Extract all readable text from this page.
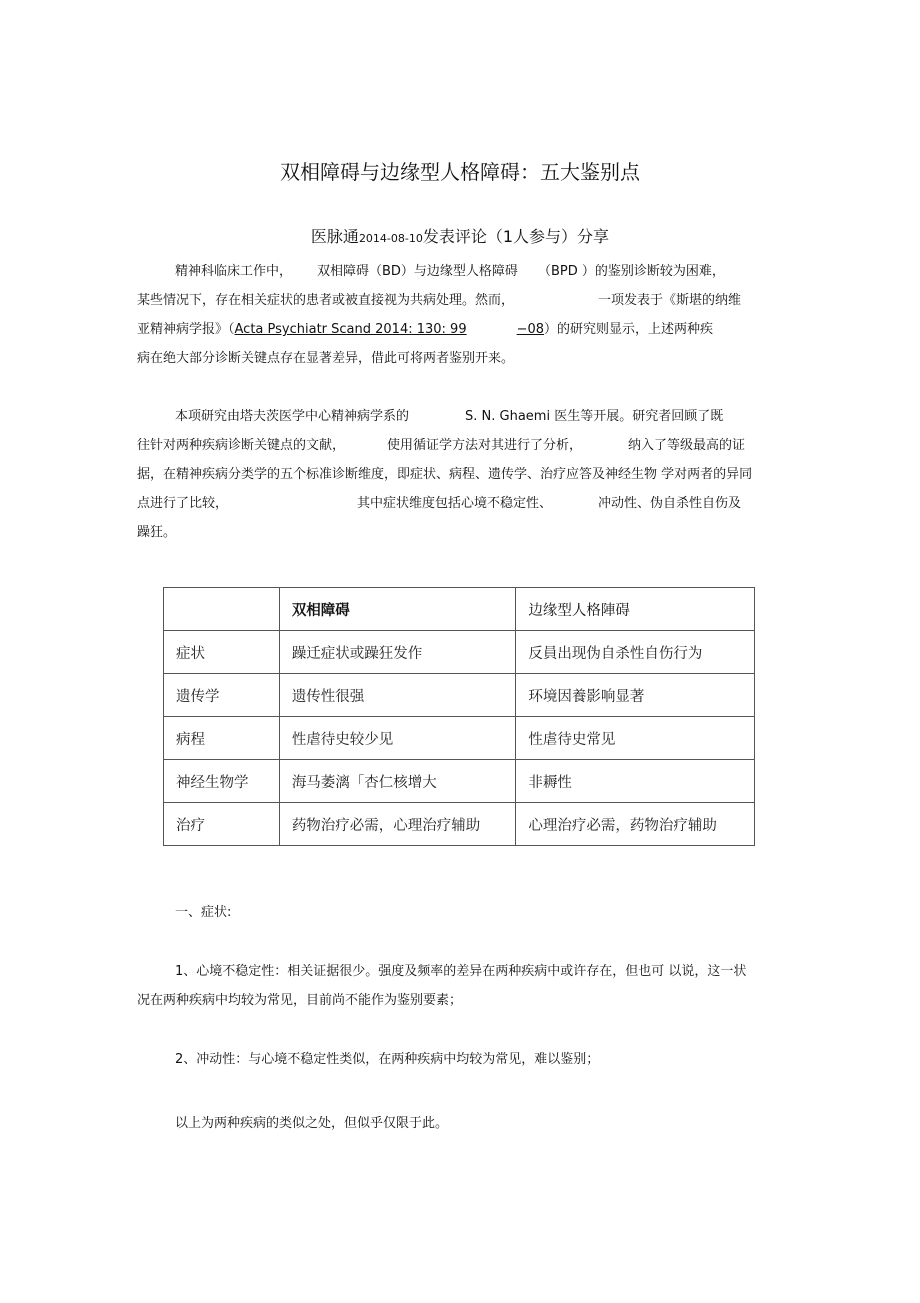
双相障碍与边缘型人格障碍：五大鉴别点
医脉通2014-08-10发表评论（1人参与）分享
精神科临床工作中， 双相障碍（BD）与边缘型人格障碍 （BPD ）的鉴别诊断较为困难，
某些情况下，存在相关症状的患者或被直接视为共病处理。然而，	一项发表于《斯堪的纳维
亚精神病学报》（Acta Psychiatr Scand 2014: 130: 99	−08）的研究则显示，上述两种疾
病在绝大部分诊断关键点存在显著差异，借此可将两者鉴别开来。
本项研究由塔夫茨医学中心精神病学系的	S. N. Ghaemi 医生等开展。研究者回顾了既
往针对两种疾病诊断关键点的文献，	使用循证学方法对其进行了分析，	纳入了等级最高的证
据，在精神疾病分类学的五个标准诊断维度，即症状、病程、遗传学、治疗应答及神经生物 学对两者的异同
点进行了比较，	其中症状维度包括心境不稳定性、	冲动性、伪自杀性自伤及
躁狂。
	双相障碍	边缘型人格陣碍
症状	躁迁症状或躁狂发作	反員出现伪自杀性自伤行为
遗传学	遗传性很强	环境因養影响显著
病程	性虐待史较少见	性虐待史常见
神经生物学	海马萎漓「杏仁核增大	非耨性
治疗	药物治疗必需，心理治疗辅助	心理治疗必需，药物治疗辅助
一、症状:
1、心境不稳定性：相关证据很少。强度及频率的差异在两种疾病中或许存在，但也可 以说，这一状
况在两种疾病中均较为常见，目前尚不能作为鉴别要素；
2、冲动性：与心境不稳定性类似，在两种疾病中均较为常见，难以鉴别；
以上为两种疾病的类似之处，但似乎仅限于此。
